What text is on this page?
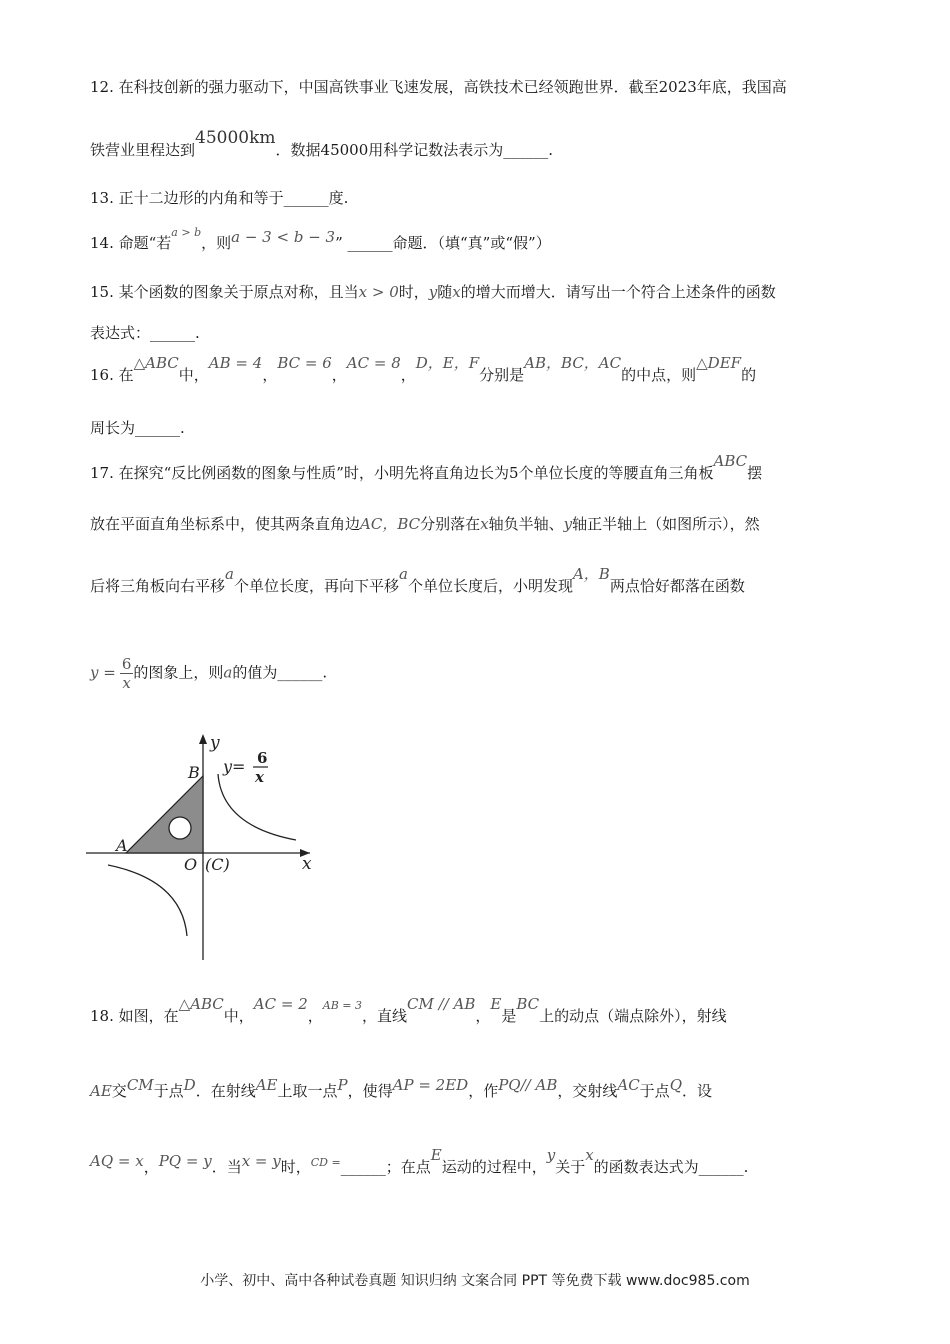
12. 在科技创新的强力驱动下，中国高铁事业飞速发展，高铁技术已经领跑世界．截至2023年底，我国高
铁营业里程达到45000km．数据45000用科学记数法表示为______.
13. 正十二边形的内角和等于______度.
14. 命题“若$^{a > b}$，则a − 3 < b − 3” ______命题．（填“真”或“假”）
15. 某个函数的图象关于原点对称，且当x > 0时，y随x的增大而增大．请写出一个符合上述条件的函数
表达式：______.
16. 在△ABC中，AB = 4，BC = 6，AC = 8，D，E，F分别是AB，BC，AC的中点，则△DEF的
周长为______.
17. 在探究“反比例函数的图象与性质”时，小明先将直角边长为5个单位长度的等腰直角三角板ABC摆
放在平面直角坐标系中，使其两条直角边AC，BC分别落在x轴负半轴、y轴正半轴上（如图所示），然
后将三角板向右平移a个单位长度，再向下平移a个单位长度后，小明发现A，B两点恰好都落在函数
$y = \frac{6}{x}$ 的图象上，则a的值为______.
y
x
A
B
O (C)
y= 6
x
18. 如图，在△ABC中，AC = 2，$^{AB = 3}$，直线CM // AB，E是BC上的动点（端点除外），射线
AE交CM于点D．在射线AE上取一点P，使得AP = 2ED，作PQ// AB，交射线AC于点Q．设
AQ = x，PQ = y．当x = y时，$^{CD =}$______；在点E运动的过程中，y关于x的函数表达式为______.
小学、初中、高中各种试卷真题 知识归纳 文案合同 PPT 等免费下载 www.doc985.com
